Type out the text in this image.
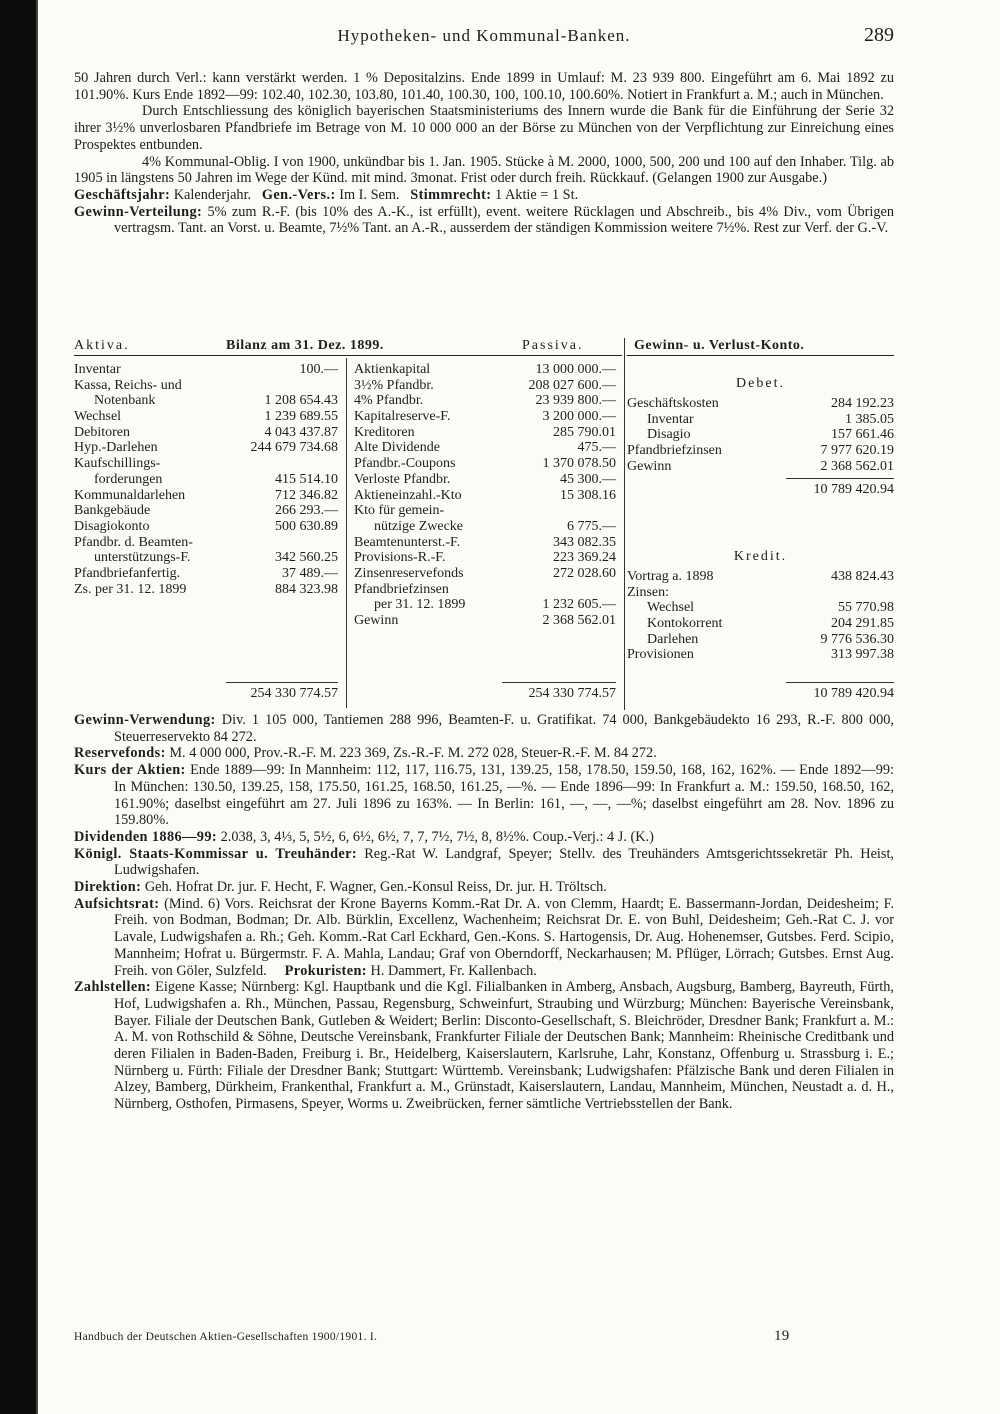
Hypotheken- und Kommunal-Banken.	289

50 Jahren durch Verl.: kann verstärkt werden. 1 % Depositalzins. Ende 1899 in Umlauf: M. 23 939 800. Eingeführt am 6. Mai 1892 zu 101.90%. Kurs Ende 1892—99: 102.40, 102.30, 103.80, 101.40, 100.30, 100, 100.10, 100.60%. Notiert in Frankfurt a. M.; auch in München.

Durch Entschliessung des königlich bayerischen Staatsministeriums des Innern wurde die Bank für die Einführung der Serie 32 ihrer 3½% unverlosbaren Pfandbriefe im Betrage von M. 10 000 000 an der Börse zu München von der Verpflichtung zur Einreichung eines Prospektes entbunden.

4% Kommunal-Oblig. I von 1900, unkündbar bis 1. Jan. 1905. Stücke à M. 2000, 1000, 500, 200 und 100 auf den Inhaber. Tilg. ab 1905 in längstens 50 Jahren im Wege der Künd. mit mind. 3monat. Frist oder durch freih. Rückkauf. (Gelangen 1900 zur Ausgabe.)

Geschäftsjahr: Kalenderjahr. Gen.-Vers.: Im I. Sem. Stimmrecht: 1 Aktie = 1 St.

Gewinn-Verteilung: 5% zum R.-F. (bis 10% des A.-K., ist erfüllt), event. weitere Rücklagen und Abschreib., bis 4% Div., vom Übrigen vertragsm. Tant. an Vorst. u. Beamte, 7½% Tant. an A.-R., ausserdem der ständigen Kommission weitere 7½%. Rest zur Verf. der G.-V.

Aktiva.	Bilanz am 31. Dez. 1899.	Passiva.	Gewinn- u. Verlust-Konto.
Inventar	100.—
Kassa, Reichs- und
Notenbank	1 208 654.43
Wechsel	1 239 689.55
Debitoren	4 043 437.87
Hyp.-Darlehen	244 679 734.68
Kaufschillings-
forderungen	415 514.10
Kommunaldarlehen	712 346.82
Bankgebäude	266 293.—
Disagiokonto	500 630.89
Pfandbr. d. Beamten-
unterstützungs-F.	342 560.25
Pfandbriefanfertig.	37 489.—
Zs. per 31. 12. 1899	884 323.98
254 330 774.57
Aktienkapital	13 000 000.—
3½% Pfandbr.	208 027 600.—
4% Pfandbr.	23 939 800.—
Kapitalreserve-F.	3 200 000.—
Kreditoren	285 790.01
Alte Dividende	475.—
Pfandbr.-Coupons	1 370 078.50
Verloste Pfandbr.	45 300.—
Aktieneinzahl.-Kto	15 308.16
Kto für gemein-
nützige Zwecke	6 775.—
Beamtenunterst.-F.	343 082.35
Provisions-R.-F.	223 369.24
Zinsenreservefonds	272 028.60
Pfandbriefzinsen
per 31. 12. 1899	1 232 605.—
Gewinn	2 368 562.01
254 330 774.57
Debet.
Geschäftskosten	284 192.23
Inventar	1 385.05
Disagio	157 661.46
Pfandbriefzinsen	7 977 620.19
Gewinn	2 368 562.01
10 789 420.94
Kredit.
Vortrag a. 1898	438 824.43
Zinsen:
Wechsel	55 770.98
Kontokorrent	204 291.85
Darlehen	9 776 536.30
Provisionen	313 997.38
10 789 420.94

Gewinn-Verwendung: Div. 1 105 000, Tantiemen 288 996, Beamten-F. u. Gratifikat. 74 000, Bankgebäudekto 16 293, R.-F. 800 000, Steuerreservekto 84 272.

Reservefonds: M. 4 000 000, Prov.-R.-F. M. 223 369, Zs.-R.-F. M. 272 028, Steuer-R.-F. M. 84 272.

Kurs der Aktien: Ende 1889—99: In Mannheim: 112, 117, 116.75, 131, 139.25, 158, 178.50, 159.50, 168, 162, 162%. — Ende 1892—99: In München: 130.50, 139.25, 158, 175.50, 161.25, 168.50, 161.25, —%. — Ende 1896—99: In Frankfurt a. M.: 159.50, 168.50, 162, 161.90%; daselbst eingeführt am 27. Juli 1896 zu 163%. — In Berlin: 161, —, —, —%; daselbst eingeführt am 28. Nov. 1896 zu 159.80%.

Dividenden 1886—99: 2.038, 3, 4⅓, 5, 5½, 6, 6½, 6½, 7, 7, 7½, 7½, 8, 8½%. Coup.-Verj.: 4 J. (K.)

Königl. Staats-Kommissar u. Treuhänder: Reg.-Rat W. Landgraf, Speyer; Stellv. des Treuhänders Amtsgerichtssekretär Ph. Heist, Ludwigshafen.

Direktion: Geh. Hofrat Dr. jur. F. Hecht, F. Wagner, Gen.-Konsul Reiss, Dr. jur. H. Tröltsch.

Aufsichtsrat: (Mind. 6) Vors. Reichsrat der Krone Bayerns Komm.-Rat Dr. A. von Clemm, Haardt; E. Bassermann-Jordan, Deidesheim; F. Freih. von Bodman, Bodman; Dr. Alb. Bürklin, Excellenz, Wachenheim; Reichsrat Dr. E. von Buhl, Deidesheim; Geh.-Rat C. J. vor Lavale, Ludwigshafen a. Rh.; Geh. Komm.-Rat Carl Eckhard, Gen.-Kons. S. Hartogensis, Dr. Aug. Hohenemser, Gutsbes. Ferd. Scipio, Mannheim; Hofrat u. Bürgermstr. F. A. Mahla, Landau; Graf von Oberndorff, Neckarhausen; M. Pflüger, Lörrach; Gutsbes. Ernst Aug. Freih. von Göler, Sulzfeld. Prokuristen: H. Dammert, Fr. Kallenbach.

Zahlstellen: Eigene Kasse; Nürnberg: Kgl. Hauptbank und die Kgl. Filialbanken in Amberg, Ansbach, Augsburg, Bamberg, Bayreuth, Fürth, Hof, Ludwigshafen a. Rh., München, Passau, Regensburg, Schweinfurt, Straubing und Würzburg; München: Bayerische Vereinsbank, Bayer. Filiale der Deutschen Bank, Gutleben & Weidert; Berlin: Disconto-Gesellschaft, S. Bleichröder, Dresdner Bank; Frankfurt a. M.: A. M. von Rothschild & Söhne, Deutsche Vereinsbank, Frankfurter Filiale der Deutschen Bank; Mannheim: Rheinische Creditbank und deren Filialen in Baden-Baden, Freiburg i. Br., Heidelberg, Kaiserslautern, Karlsruhe, Lahr, Konstanz, Offenburg u. Strassburg i. E.; Nürnberg u. Fürth: Filiale der Dresdner Bank; Stuttgart: Württemb. Vereinsbank; Ludwigshafen: Pfälzische Bank und deren Filialen in Alzey, Bamberg, Dürkheim, Frankenthal, Frankfurt a. M., Grünstadt, Kaiserslautern, Landau, Mannheim, München, Neustadt a. d. H., Nürnberg, Osthofen, Pirmasens, Speyer, Worms u. Zweibrücken, ferner sämtliche Vertriebsstellen der Bank.

Handbuch der Deutschen Aktien-Gesellschaften 1900/1901. I.	19
